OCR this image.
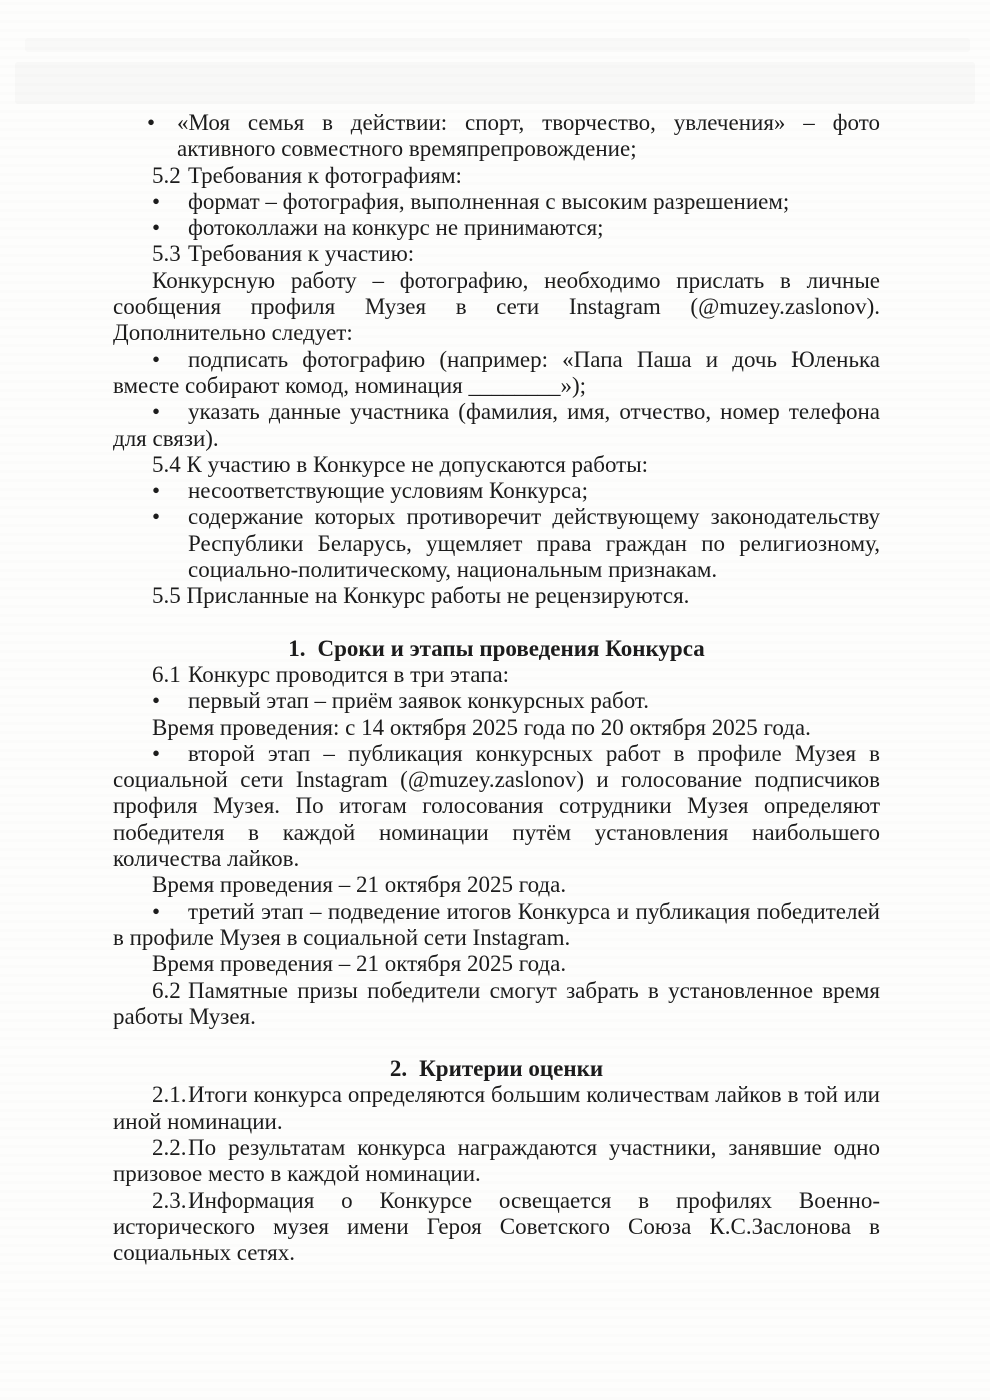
• «Моя семья в действии: спорт, творчество, увлечения» – фото активного совместного времяпрепровождение;

5.2 Требования к фотографиям:

• формат – фотография, выполненная с высоким разрешением;

• фотоколлажи на конкурс не принимаются;

5.3 Требования к участию:

Конкурсную работу – фотографию, необходимо прислать в личные сообщения профиля Музея в сети Instagram (@muzey.zaslonov). Дополнительно следует:

• подписать фотографию (например: «Папа Паша и дочь Юленька вместе собирают комод, номинация ________»);

• указать данные участника (фамилия, имя, отчество, номер телефона для связи).

5.4 К участию в Конкурсе не допускаются работы:

• несоответствующие условиям Конкурса;

• содержание которых противоречит действующему законодательству Республики Беларусь, ущемляет права граждан по религиозному, социально-политическому, национальным признакам.

5.5 Присланные на Конкурс работы не рецензируются.

1. Сроки и этапы проведения Конкурса

6.1 Конкурс проводится в три этапа:

• первый этап – приём заявок конкурсных работ.

Время проведения: с 14 октября 2025 года по 20 октября 2025 года.

• второй этап – публикация конкурсных работ в профиле Музея в социальной сети Instagram (@muzey.zaslonov) и голосование подписчиков профиля Музея. По итогам голосования сотрудники Музея определяют победителя в каждой номинации путём установления наибольшего количества лайков.

Время проведения – 21 октября 2025 года.

• третий этап – подведение итогов Конкурса и публикация победителей в профиле Музея в социальной сети Instagram.

Время проведения – 21 октября 2025 года.

6.2 Памятные призы победители смогут забрать в установленное время работы Музея.

2. Критерии оценки

2.1.Итоги конкурса определяются большим количествам лайков в той или иной номинации.

2.2.По результатам конкурса награждаются участники, занявшие одно призовое место в каждой номинации.

2.3.Информация о Конкурсе освещается в профилях Военно-исторического музея имени Героя Советского Союза К.С.Заслонова в социальных сетях.
